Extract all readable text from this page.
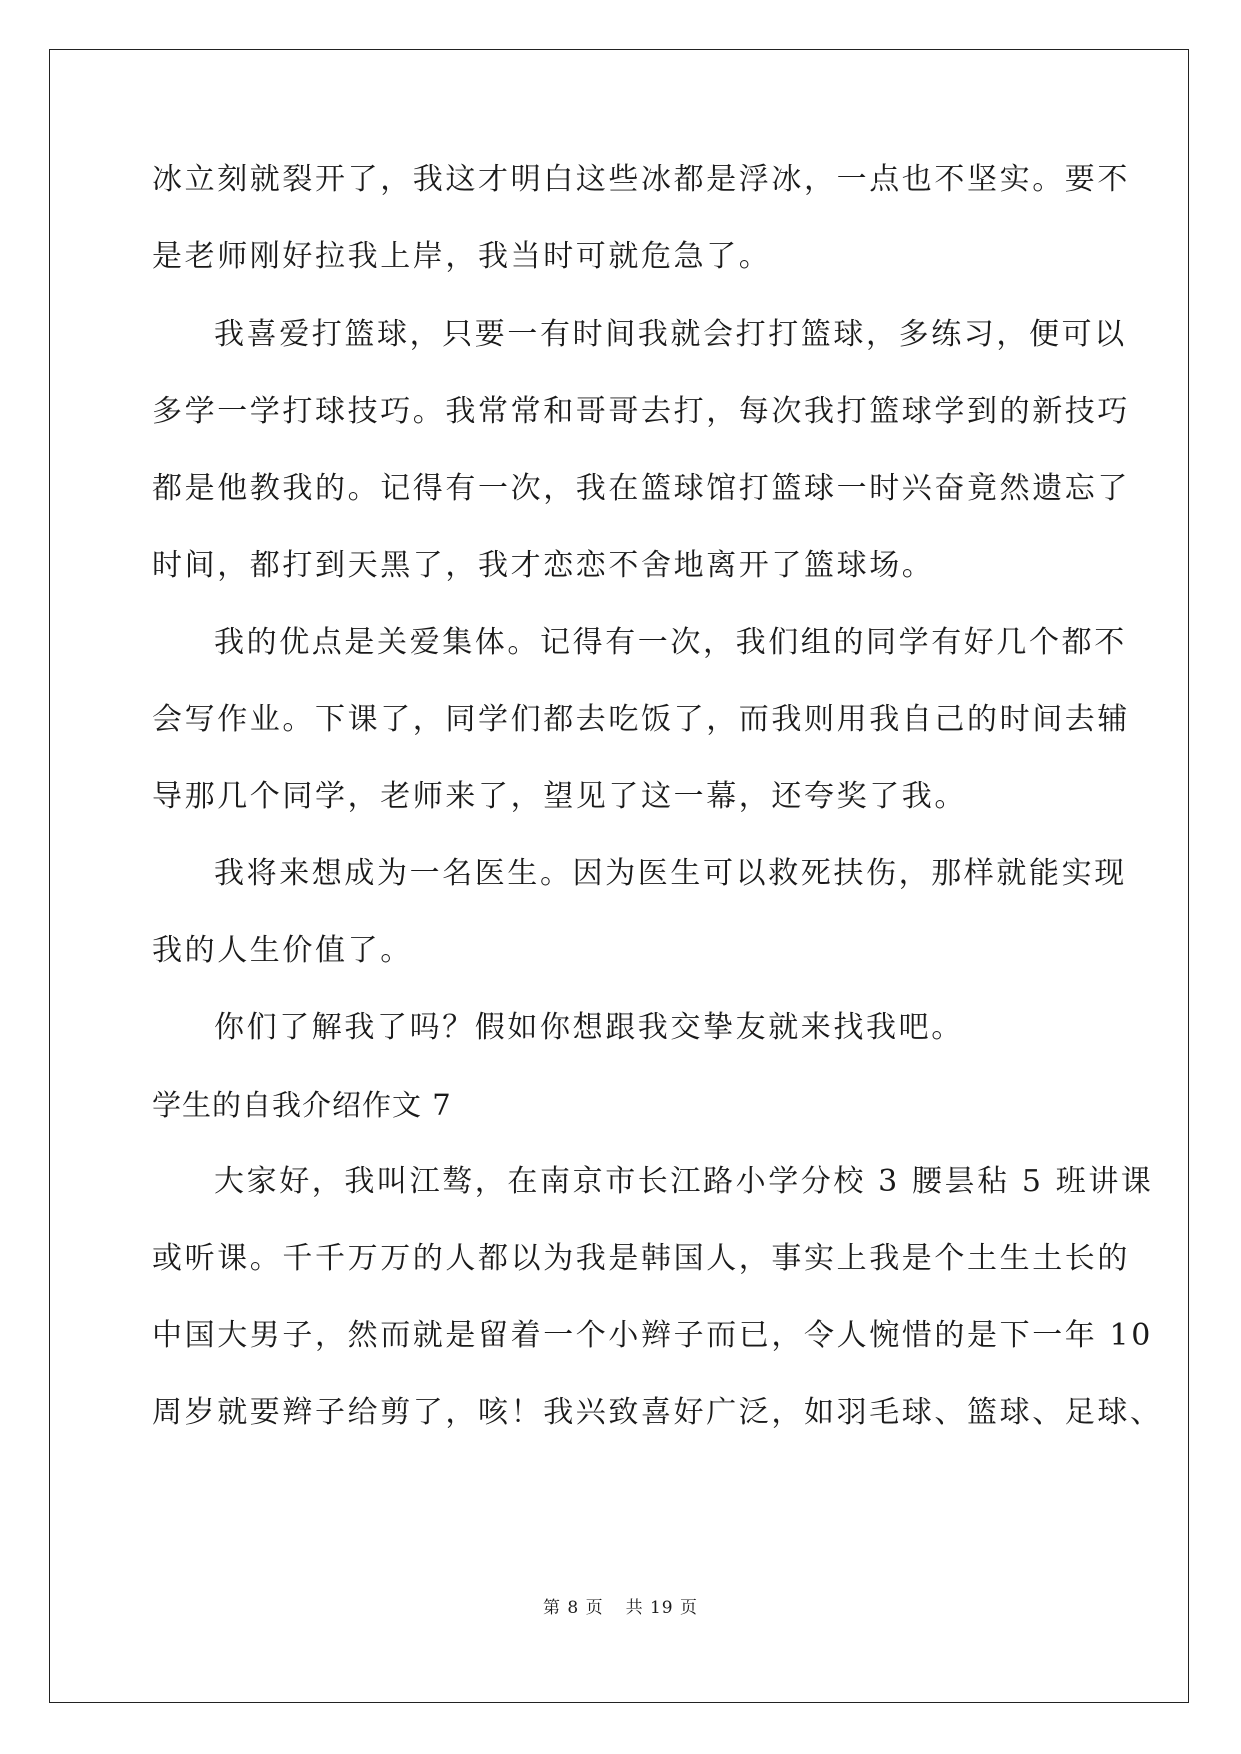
冰立刻就裂开了，我这才明白这些冰都是浮冰，一点也不坚实。要不
是老师刚好拉我上岸，我当时可就危急了。
我喜爱打篮球，只要一有时间我就会打打篮球，多练习，便可以
多学一学打球技巧。我常常和哥哥去打，每次我打篮球学到的新技巧
都是他教我的。记得有一次，我在篮球馆打篮球一时兴奋竟然遗忘了
时间，都打到天黑了，我才恋恋不舍地离开了篮球场。
我的优点是关爱集体。记得有一次，我们组的同学有好几个都不
会写作业。下课了，同学们都去吃饭了，而我则用我自己的时间去辅
导那几个同学，老师来了，望见了这一幕，还夸奖了我。
我将来想成为一名医生。因为医生可以救死扶伤，那样就能实现
我的人生价值了。
你们了解我了吗？假如你想跟我交挚友就来找我吧。
学生的自我介绍作文 7
大家好，我叫江骜，在南京市长江路小学分校 3 腰昙秥 5 班讲课
或听课。千千万万的人都以为我是韩国人，事实上我是个土生土长的
中国大男子，然而就是留着一个小辫子而已，令人惋惜的是下一年 10
周岁就要辫子给剪了，咳！我兴致喜好广泛，如羽毛球、篮球、足球、
第 8 页 共 19 页
